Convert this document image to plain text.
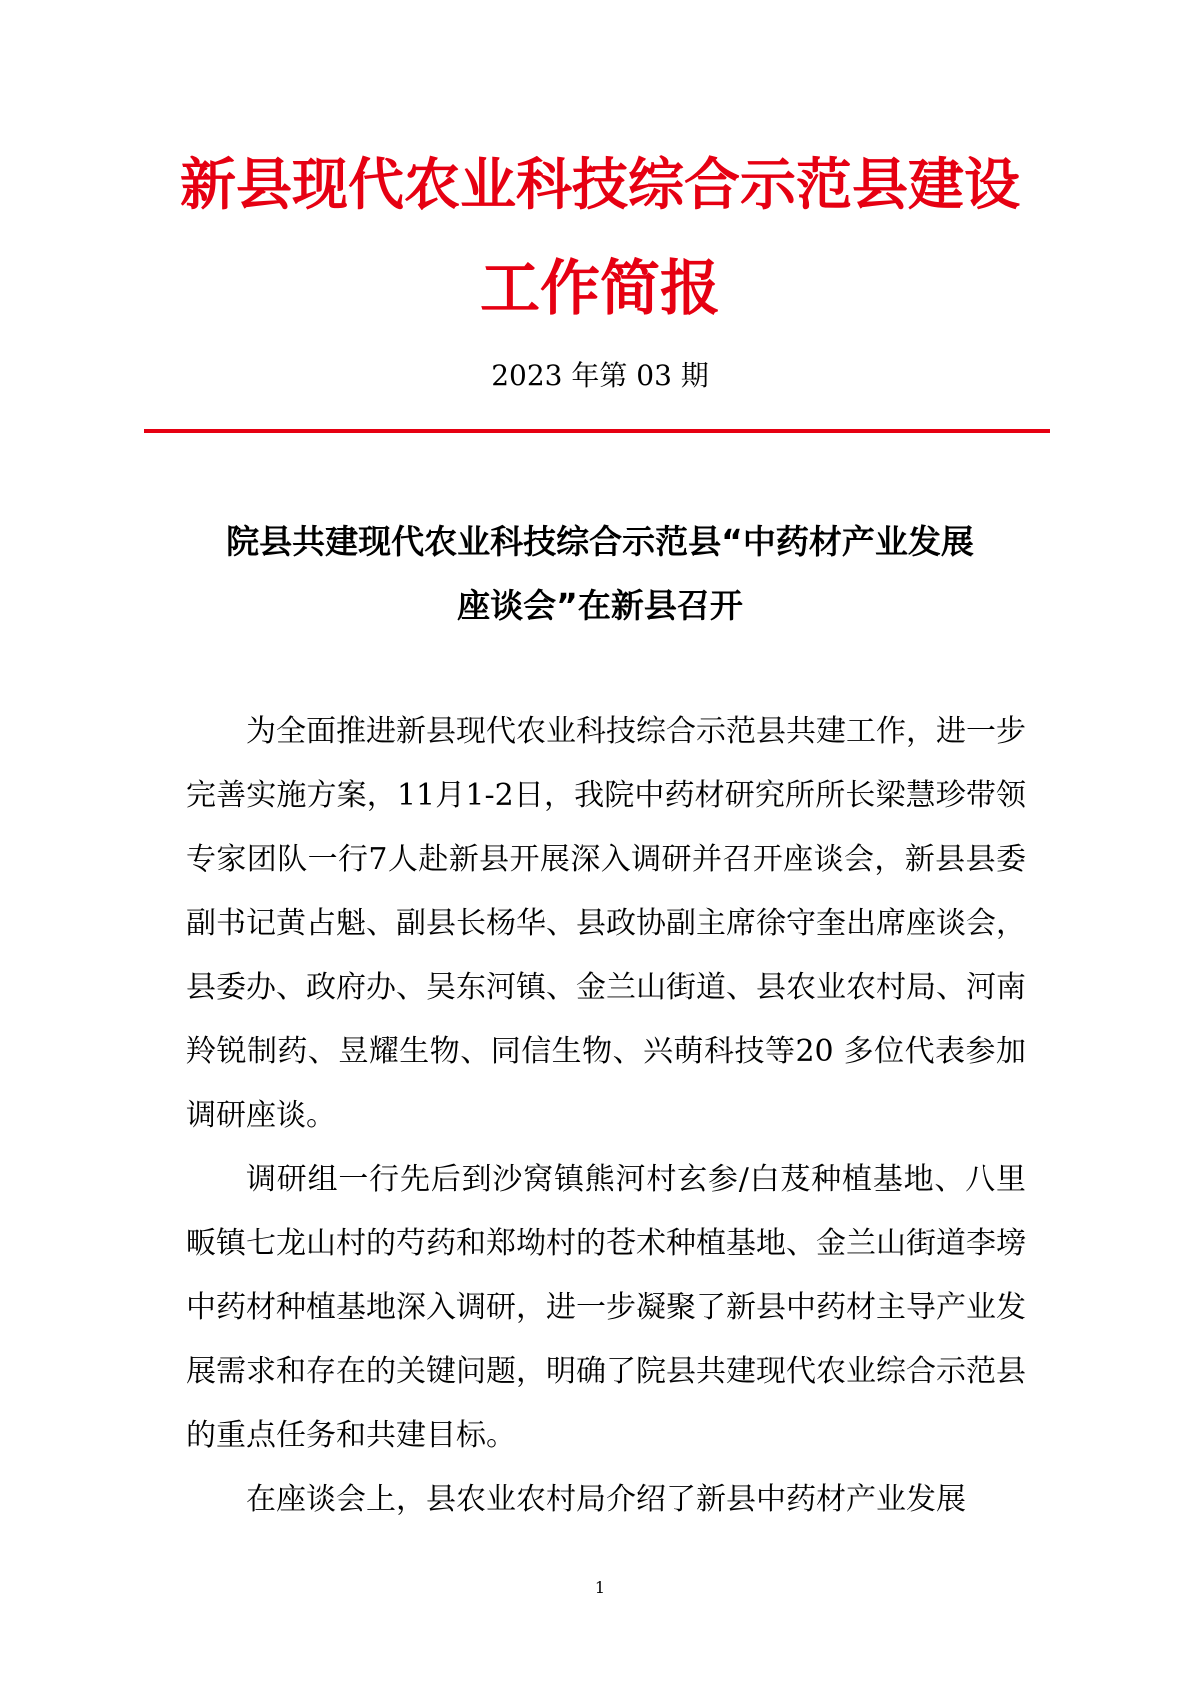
新县现代农业科技综合示范县建设
工作简报
2023 年第 03 期
院县共建现代农业科技综合示范县“中药材产业发展
座谈会”在新县召开

为全面推进新县现代农业科技综合示范县共建工作，进一步完善实施方案，11月1-2日，我院中药材研究所所长梁慧珍带领专家团队一行7人赴新县开展深入调研并召开座谈会，新县县委副书记黄占魁、副县长杨华、县政协副主席徐守奎出席座谈会，县委办、政府办、吴东河镇、金兰山街道、县农业农村局、河南羚锐制药、昱耀生物、同信生物、兴萌科技等20 多位代表参加调研座谈。

调研组一行先后到沙窝镇熊河村玄参/白芨种植基地、八里畈镇七龙山村的芍药和郑坳村的苍术种植基地、金兰山街道李塝中药材种植基地深入调研，进一步凝聚了新县中药材主导产业发展需求和存在的关键问题，明确了院县共建现代农业综合示范县的重点任务和共建目标。

在座谈会上，县农业农村局介绍了新县中药材产业发展

1
